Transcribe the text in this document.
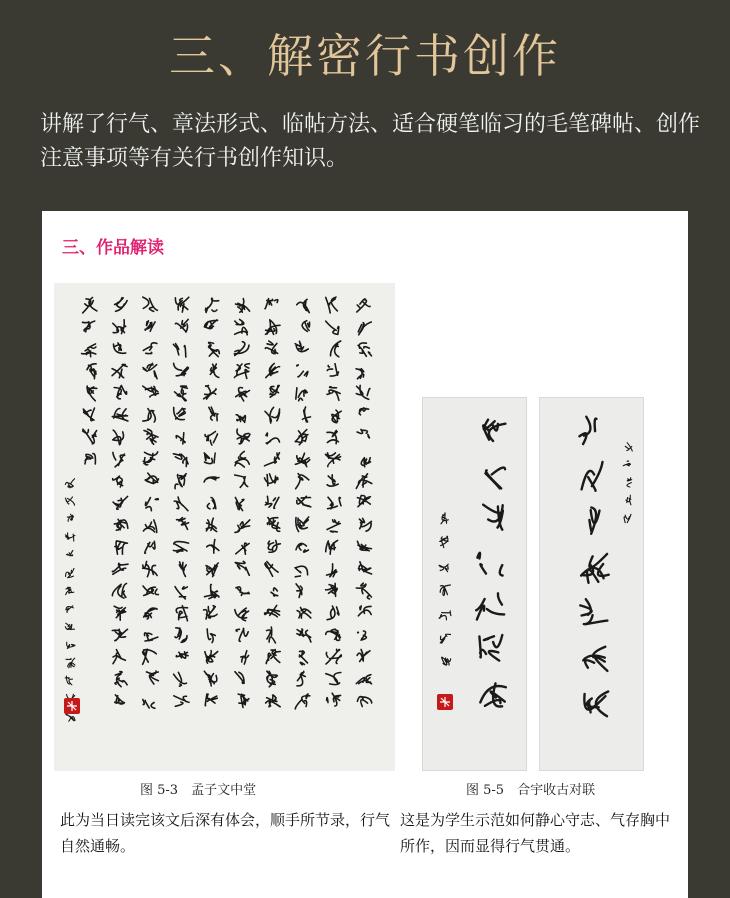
三、解密行书创作
讲解了行气、章法形式、临帖方法、适合硬笔临习的毛笔碑帖、创作注意事项等有关行书创作知识。
三、作品解读
图 5-3　孟子文中堂	图 5-5　合宇收古对联
此为当日读完该文后深有体会，顺手所节录，行气自然通畅。
这是为学生示范如何静心守志、气存胸中所作，因而显得行气贯通。
